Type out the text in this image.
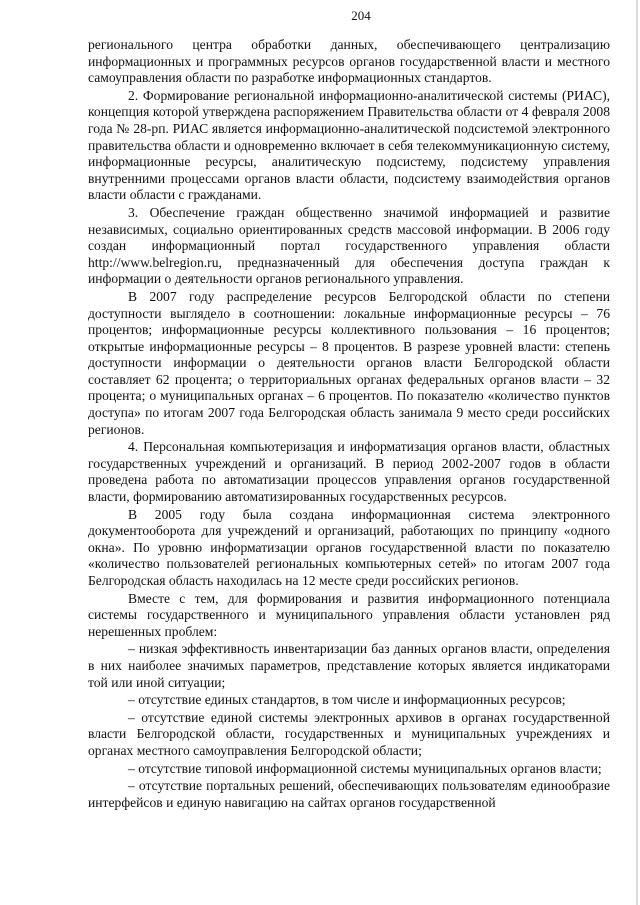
204

регионального центра обработки данных, обеспечивающего централизацию информационных и программных ресурсов органов государственной власти и местного самоуправления области по разработке информационных стандартов.

2. Формирование региональной информационно-аналитической системы (РИАС), концепция которой утверждена распоряжением Правительства области от 4 февраля 2008 года № 28-рп. РИАС является информационно-аналитической подсистемой электронного правительства области и одновременно включает в себя телекоммуникационную систему, информационные ресурсы, аналитическую подсистему, подсистему управления внутренними процессами органов власти области, подсистему взаимодействия органов власти области с гражданами.

3. Обеспечение граждан общественно значимой информацией и развитие независимых, социально ориентированных средств массовой информации. В 2006 году создан информационный портал государственного управления области http://www.belregion.ru, предназначенный для обеспечения доступа граждан к информации о деятельности органов регионального управления.

В 2007 году распределение ресурсов Белгородской области по степени доступности выглядело в соотношении: локальные информационные ресурсы – 76 процентов; информационные ресурсы коллективного пользования – 16 процентов; открытые информационные ресурсы – 8 процентов. В разрезе уровней власти: степень доступности информации о деятельности органов власти Белгородской области составляет 62 процента; о территориальных органах федеральных органов власти – 32 процента; о муниципальных органах – 6 процентов. По показателю «количество пунктов доступа» по итогам 2007 года Белгородская область занимала 9 место среди российских регионов.

4. Персональная компьютеризация и информатизация органов власти, областных государственных учреждений и организаций. В период 2002-2007 годов в области проведена работа по автоматизации процессов управления органов государственной власти, формированию автоматизированных государственных ресурсов.

В 2005 году была создана информационная система электронного документооборота для учреждений и организаций, работающих по принципу «одного окна». По уровню информатизации органов государственной власти по показателю «количество пользователей региональных компьютерных сетей» по итогам 2007 года Белгородская область находилась на 12 месте среди российских регионов.

Вместе с тем, для формирования и развития информационного потенциала системы государственного и муниципального управления области установлен ряд нерешенных проблем:

– низкая эффективность инвентаризации баз данных органов власти, определения в них наиболее значимых параметров, представление которых является индикаторами той или иной ситуации;

– отсутствие единых стандартов, в том числе и информационных ресурсов;

– отсутствие единой системы электронных архивов в органах государственной власти Белгородской области, государственных и муниципальных учреждениях и органах местного самоуправления Белгородской области;

– отсутствие типовой информационной системы муниципальных органов власти;

– отсутствие портальных решений, обеспечивающих пользователям единообразие интерфейсов и единую навигацию на сайтах органов государственной
